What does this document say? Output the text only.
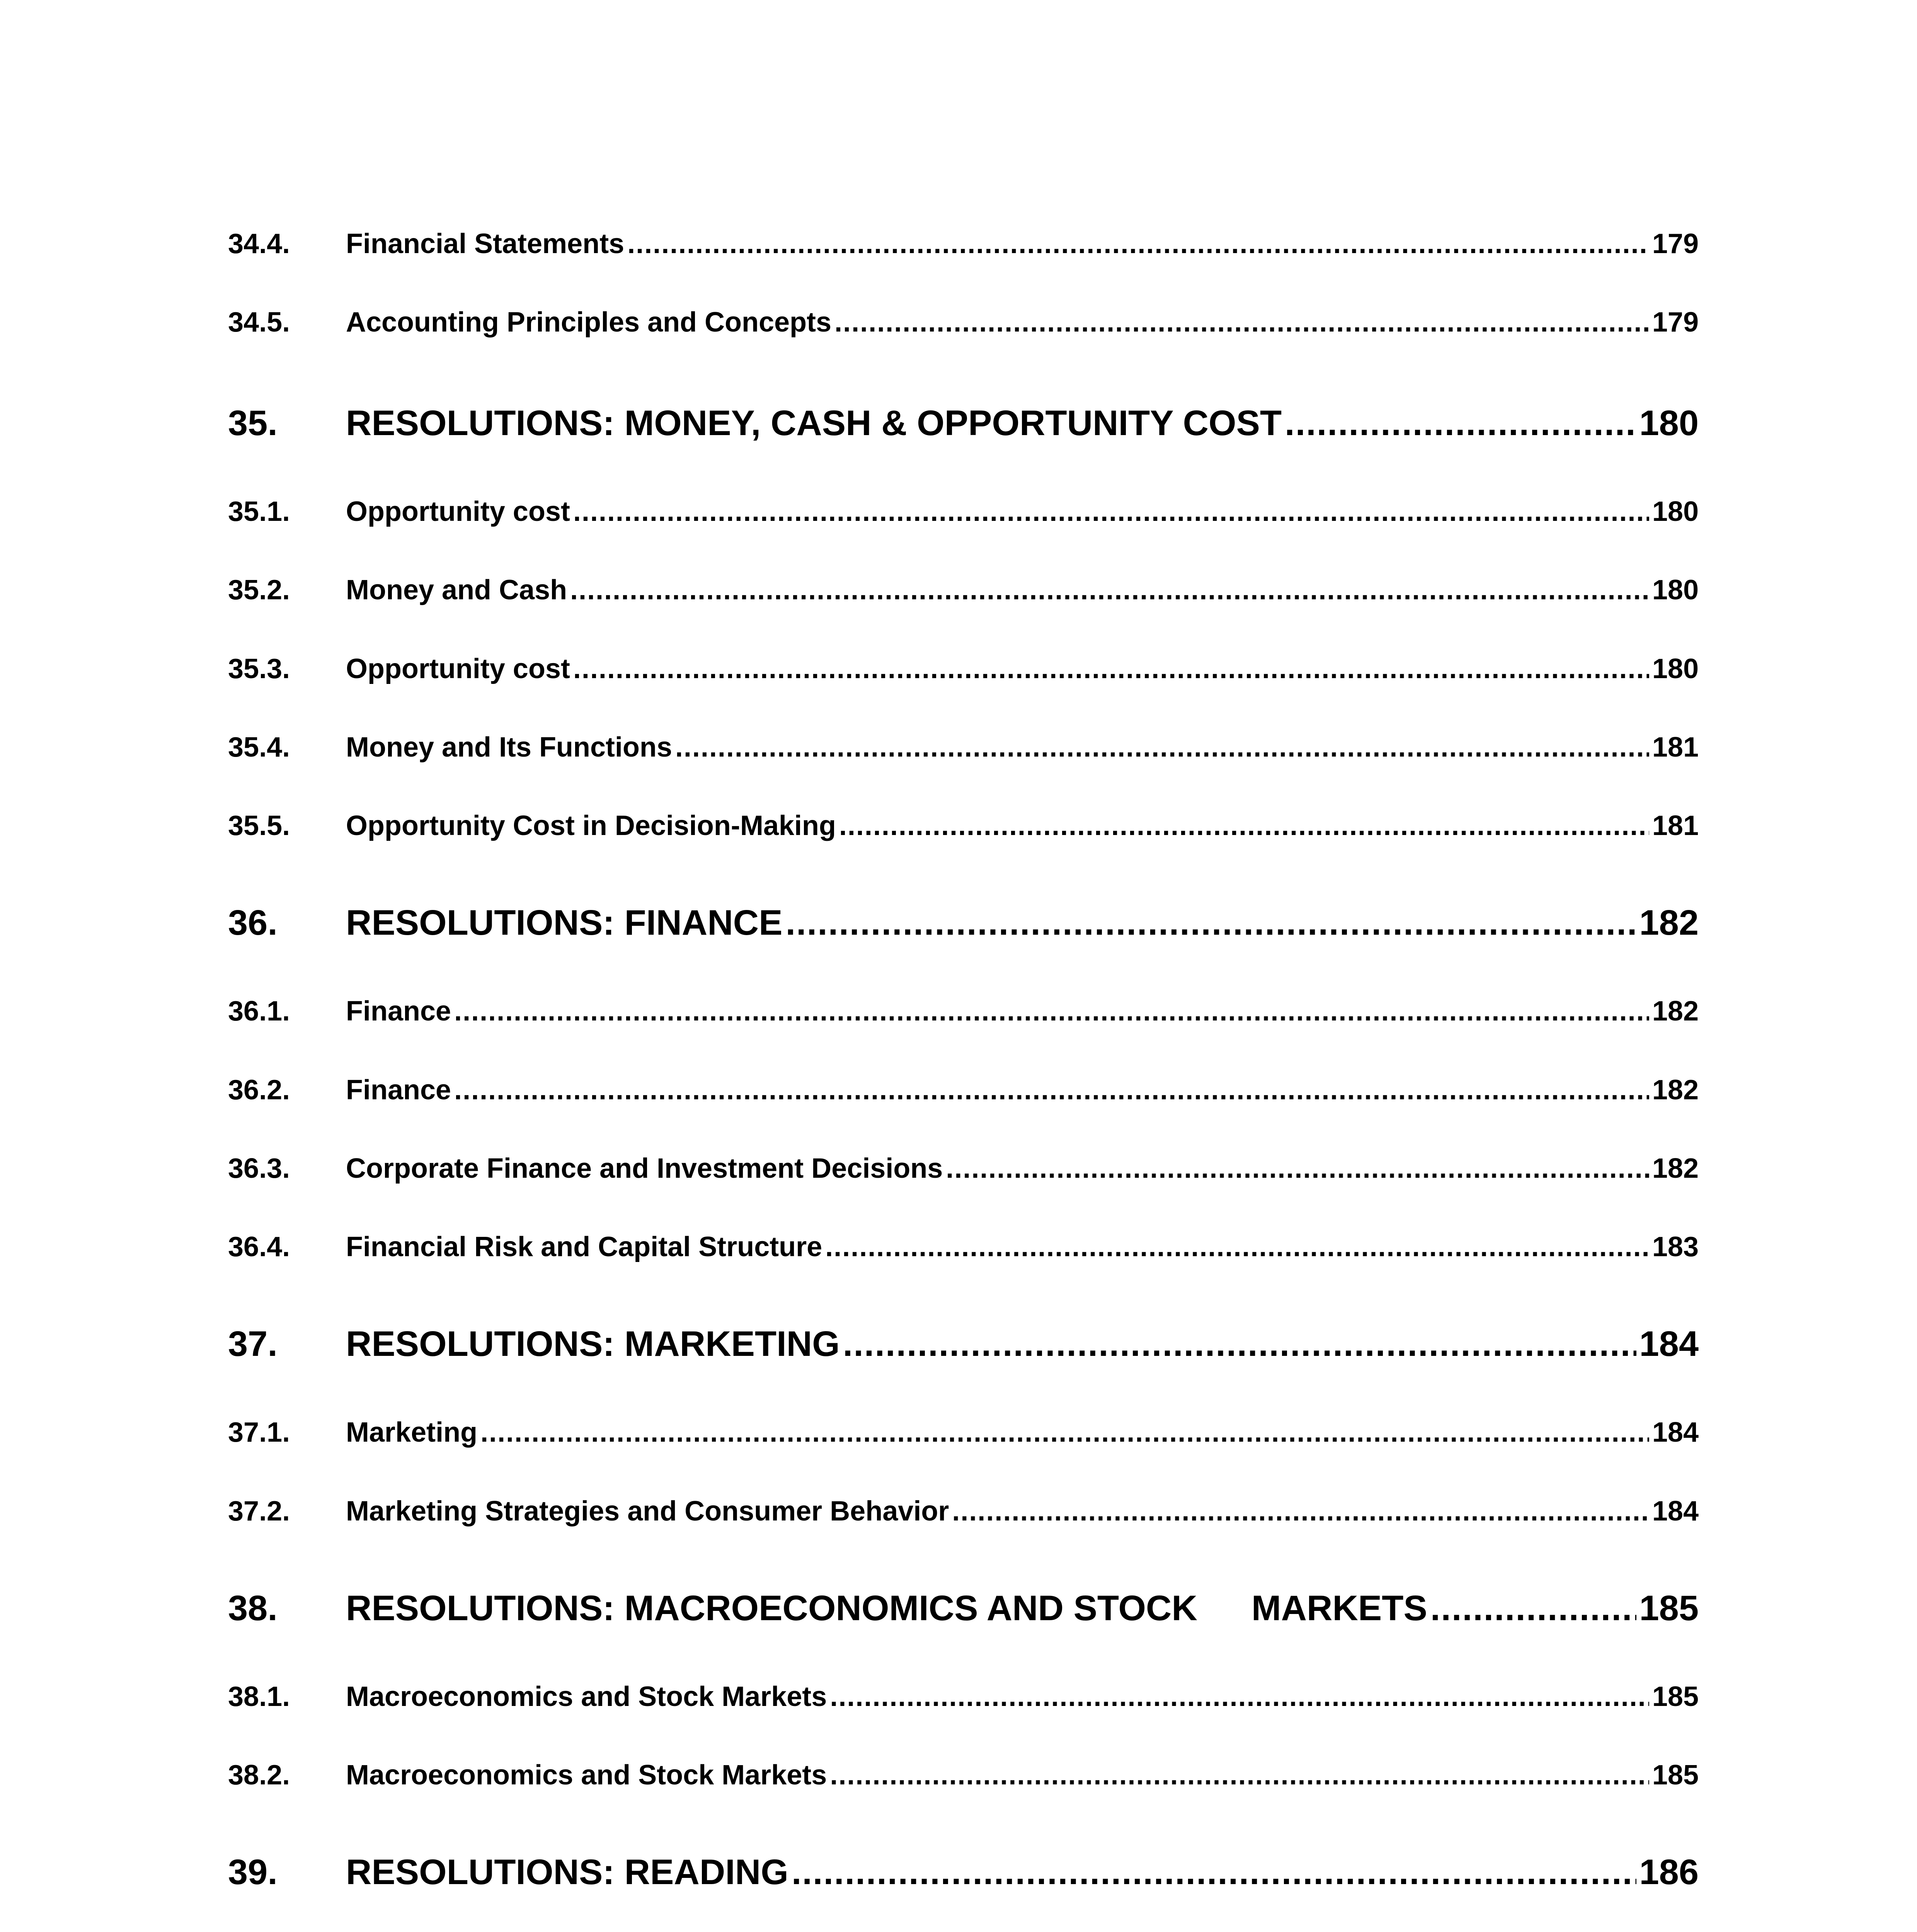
34.4.	Financial Statements .....	179
34.5.	Accounting Principles and Concepts .....	179
35.	RESOLUTIONS: MONEY, CASH & OPPORTUNITY COST .....	180
35.1.	Opportunity cost .....	180
35.2.	Money and Cash .....	180
35.3.	Opportunity cost .....	180
35.4.	Money and Its Functions .....	181
35.5.	Opportunity Cost in Decision-Making .....	181
36.	RESOLUTIONS: FINANCE .....	182
36.1.	Finance .....	182
36.2.	Finance .....	182
36.3.	Corporate Finance and Investment Decisions .....	182
36.4.	Financial Risk and Capital Structure .....	183
37.	RESOLUTIONS: MARKETING .....	184
37.1.	Marketing .....	184
37.2.	Marketing Strategies and Consumer Behavior .....	184
38.	RESOLUTIONS: MACROECONOMICS AND STOCK MARKETS .....	185
38.1.	Macroeconomics and Stock Markets .....	185
38.2.	Macroeconomics and Stock Markets .....	185
39.	RESOLUTIONS: READING .....	186
